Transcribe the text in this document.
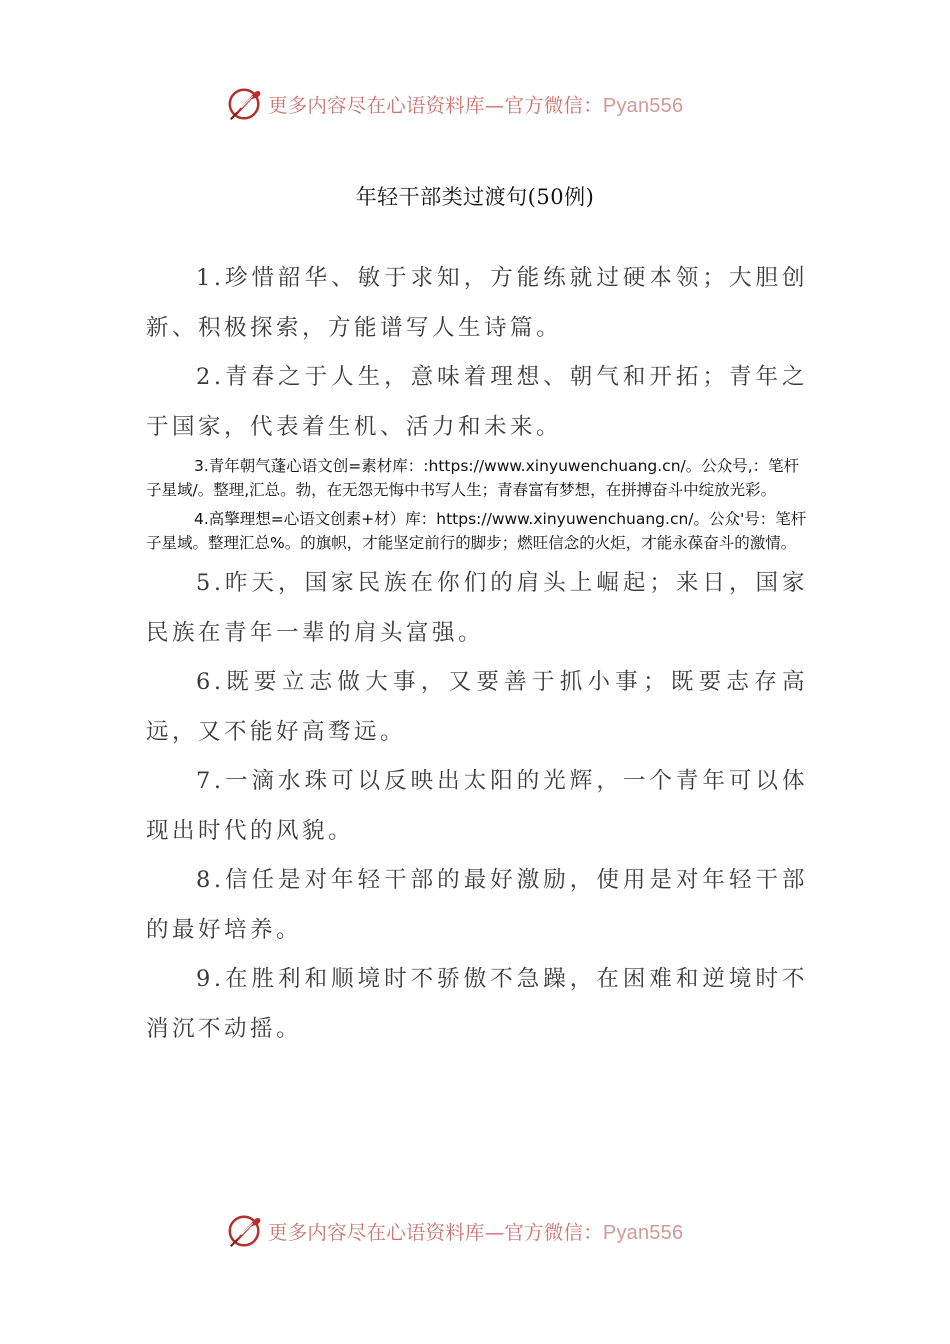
更多内容尽在心语资料库—官方微信：Pyan556
年轻干部类过渡句(50例)

1.珍惜韶华、敏于求知，方能练就过硬本领；大胆创新、积极探索，方能谱写人生诗篇。

2.青春之于人生，意味着理想、朝气和开拓；青年之于国家，代表着生机、活力和未来。

3.青年朝气蓬心语文创=素材库：:https://www.xinyuwenchuang.cn/。公众号,：笔杆子星域/。整理,汇总。勃，在无怨无悔中书写人生；青春富有梦想，在拼搏奋斗中绽放光彩。

4.高擎理想=心语文创素+材）库：https://www.xinyuwenchuang.cn/。公众'号：笔杆子星域。整理汇总%。的旗帜，才能坚定前行的脚步；燃旺信念的火炬，才能永葆奋斗的激情。

5.昨天，国家民族在你们的肩头上崛起；来日，国家民族在青年一辈的肩头富强。

6.既要立志做大事，又要善于抓小事；既要志存高远，又不能好高骛远。

7.一滴水珠可以反映出太阳的光辉，一个青年可以体现出时代的风貌。

8.信任是对年轻干部的最好激励，使用是对年轻干部的最好培养。

9.在胜利和顺境时不骄傲不急躁，在困难和逆境时不消沉不动摇。

更多内容尽在心语资料库—官方微信：Pyan556
